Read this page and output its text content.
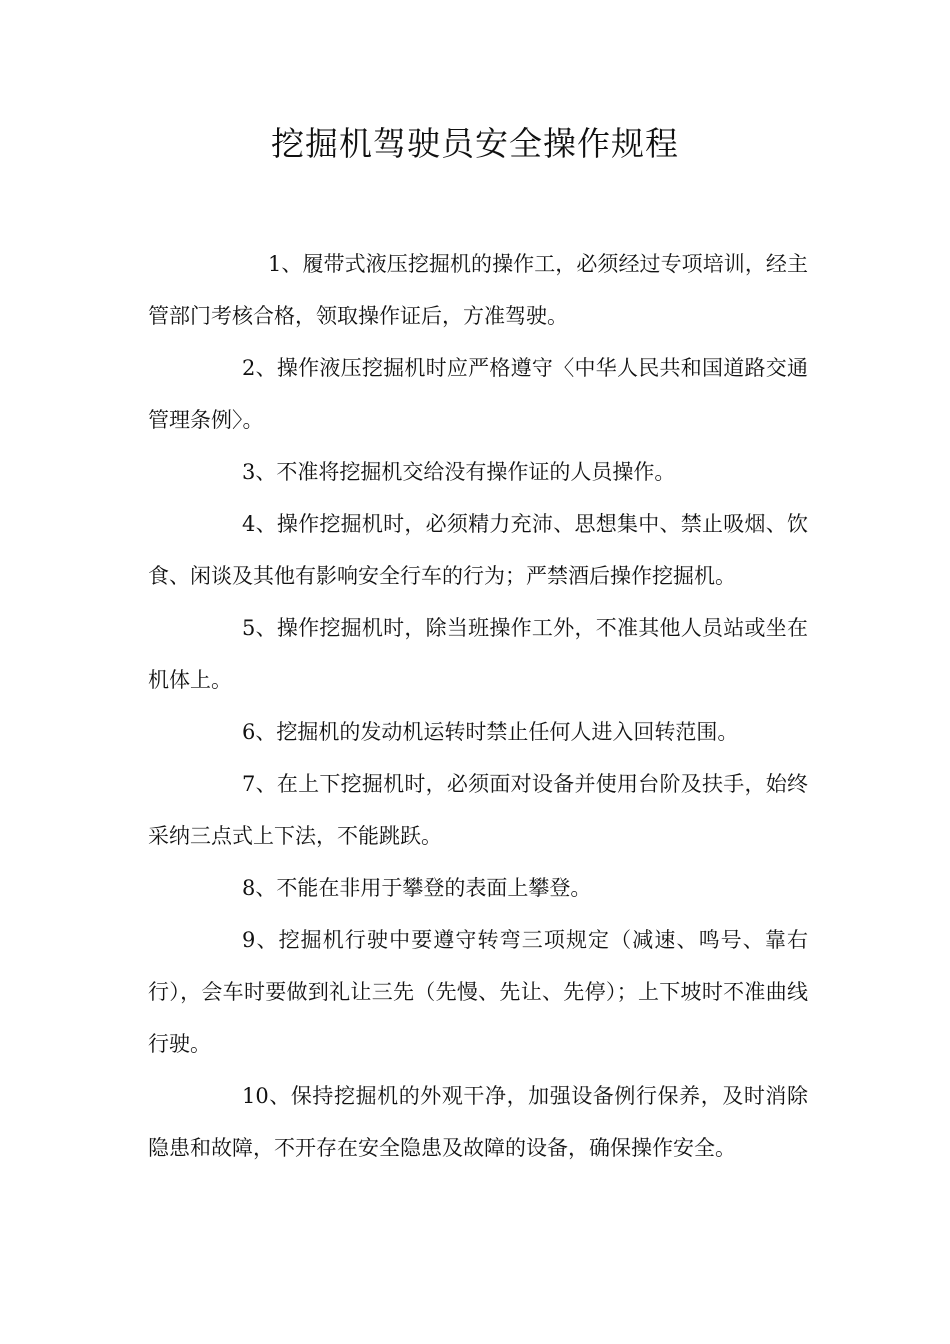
挖掘机驾驶员安全操作规程

1、履带式液压挖掘机的操作工，必须经过专项培训，经主管部门考核合格，领取操作证后，方准驾驶。

2、操作液压挖掘机时应严格遵守〈中华人民共和国道路交通管理条例〉。

3、不准将挖掘机交给没有操作证的人员操作。

4、操作挖掘机时，必须精力充沛、思想集中、禁止吸烟、饮食、闲谈及其他有影响安全行车的行为；严禁酒后操作挖掘机。

5、操作挖掘机时，除当班操作工外，不准其他人员站或坐在机体上。

6、挖掘机的发动机运转时禁止任何人进入回转范围。

7、在上下挖掘机时，必须面对设备并使用台阶及扶手，始终采纳三点式上下法，不能跳跃。

8、不能在非用于攀登的表面上攀登。

9、挖掘机行驶中要遵守转弯三项规定（减速、鸣号、靠右行），会车时要做到礼让三先（先慢、先让、先停）；上下坡时不准曲线行驶。

10、保持挖掘机的外观干净，加强设备例行保养，及时消除隐患和故障，不开存在安全隐患及故障的设备，确保操作安全。
